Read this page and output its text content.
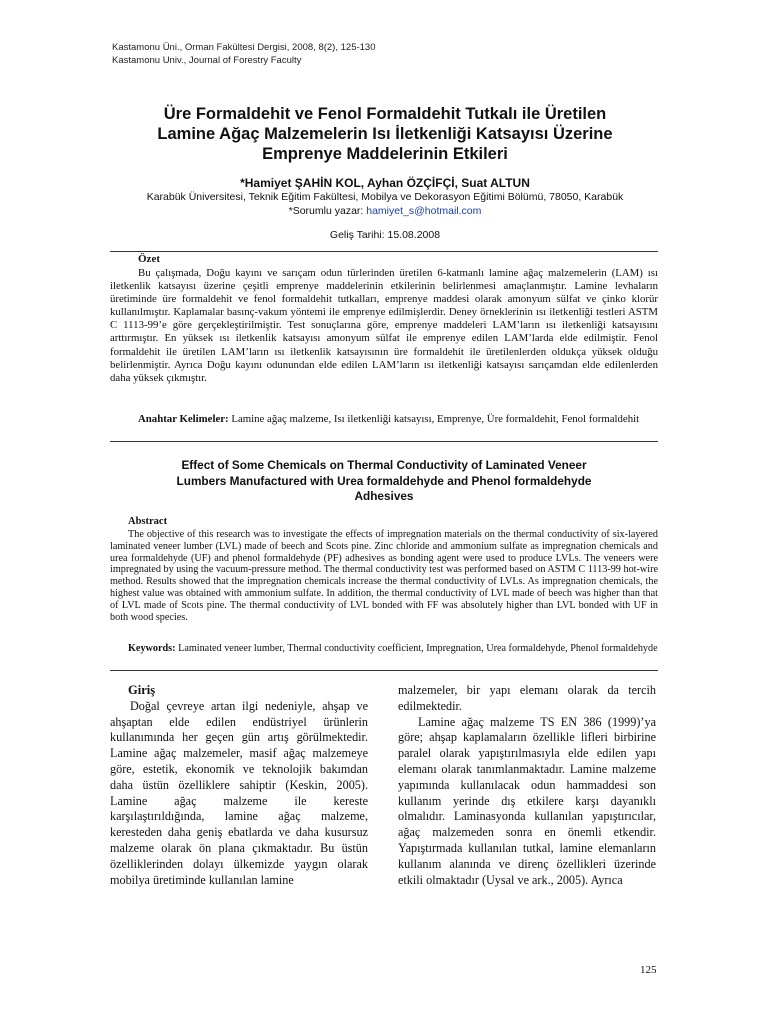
Kastamonu Üni., Orman Fakültesi Dergisi, 2008, 8(2), 125-130
Kastamonu Univ., Journal of Forestry Faculty
Üre Formaldehit ve Fenol Formaldehit Tutkalı ile Üretilen
Lamine Ağaç Malzemelerin Isı İletkenliği Katsayısı Üzerine
Emprenye Maddelerinin Etkileri
*Hamiyet ŞAHİN KOL, Ayhan ÖZÇİFÇİ, Suat ALTUN
Karabük Üniversitesi, Teknik Eğitim Fakültesi, Mobilya ve Dekorasyon Eğitimi Bölümü, 78050, Karabük
*Sorumlu yazar: hamiyet_s@hotmail.com
Geliş Tarihi: 15.08.2008
Özet
Bu çalışmada, Doğu kayını ve sarıçam odun türlerinden üretilen 6-katmanlı lamine ağaç malzemelerin (LAM) ısı iletkenlik katsayısı üzerine çeşitli emprenye maddelerinin etkilerinin belirlenmesi amaçlanmıştır. Lamine levhaların üretiminde üre formaldehit ve fenol formaldehit tutkalları, emprenye maddesi olarak amonyum sülfat ve çinko klorür kullanılmıştır. Kaplamalar basınç-vakum yöntemi ile emprenye edilmişlerdir. Deney örneklerinin ısı iletkenliği testleri ASTM C 1113-99’e göre gerçekleştirilmiştir. Test sonuçlarına göre, emprenye maddeleri LAM’ların ısı iletkenliği katsayısını arttırmıştır. En yüksek ısı iletkenlik katsayısı amonyum sülfat ile emprenye edilen LAM’larda elde edilmiştir. Fenol formaldehit ile üretilen LAM’ların ısı iletkenlik katsayısının üre formaldehit ile üretilenlerden oldukça yüksek olduğu belirlenmiştir. Ayrıca Doğu kayını odunundan elde edilen LAM’ların ısı iletkenliği katsayısı sarıçamdan elde edilenlerden daha yüksek çıkmıştır.
Anahtar Kelimeler: Lamine ağaç malzeme, Isı iletkenliği katsayısı, Emprenye, Üre formaldehit, Fenol formaldehit
Effect of Some Chemicals on Thermal Conductivity of Laminated Veneer
Lumbers Manufactured with Urea formaldehyde and Phenol formaldehyde
Adhesives
Abstract
The objective of this research was to investigate the effects of impregnation materials on the thermal conductivity of six-layered laminated veneer lumber (LVL) made of beech and Scots pine. Zinc chloride and ammonium sulfate as impregnation chemicals and urea formaldehyde (UF) and phenol formaldehyde (PF) adhesives as bonding agent were used to produce LVLs. The veneers were impregnated by using the vacuum-pressure method. The thermal conductivity test was performed based on ASTM C 1113-99 hot-wire method. Results showed that the impregnation chemicals increase the thermal conductivity of LVLs. As impregnation chemicals, the highest value was obtained with ammonium sulfate. In addition, the thermal conductivity of LVL made of beech was higher than that of LVL made of Scots pine. The thermal conductivity of LVL bonded with FF was absolutely higher than LVL bonded with UF in both wood species.
Keywords: Laminated veneer lumber, Thermal conductivity coefficient, Impregnation, Urea formaldehyde, Phenol formaldehyde
Giriş

Doğal çevreye artan ilgi nedeniyle, ahşap ve ahşaptan elde edilen endüstriyel ürünlerin kullanımında her geçen gün artış görülmektedir. Lamine ağaç malzemeler, masif ağaç malzemeye göre, estetik, ekonomik ve teknolojik bakımdan daha üstün özelliklere sahiptir (Keskin, 2005). Lamine ağaç malzeme ile kereste karşılaştırıldığında, lamine ağaç malzeme, keresteden daha geniş ebatlarda ve daha kusursuz malzeme olarak ön plana çıkmaktadır. Bu üstün özelliklerinden dolayı ülkemizde yaygın olarak mobilya üretiminde kullanılan lamine

malzemeler, bir yapı elemanı olarak da tercih edilmektedir.

Lamine ağaç malzeme TS EN 386 (1999)’ya göre; ahşap kaplamaların özellikle lifleri birbirine paralel olarak yapıştırılmasıyla elde edilen yapı elemanı olarak tanımlanmaktadır. Lamine malzeme yapımında kullanılacak odun hammaddesi son kullanım yerinde dış etkilere karşı dayanıklı olmalıdır. Laminasyonda kullanılan yapıştırıcılar, ağaç malzemeden sonra en önemli etkendir. Yapıştırmada kullanılan tutkal, lamine elemanların kullanım alanında ve direnç özellikleri üzerinde etkili olmaktadır (Uysal ve ark., 2005). Ayrıca

125
